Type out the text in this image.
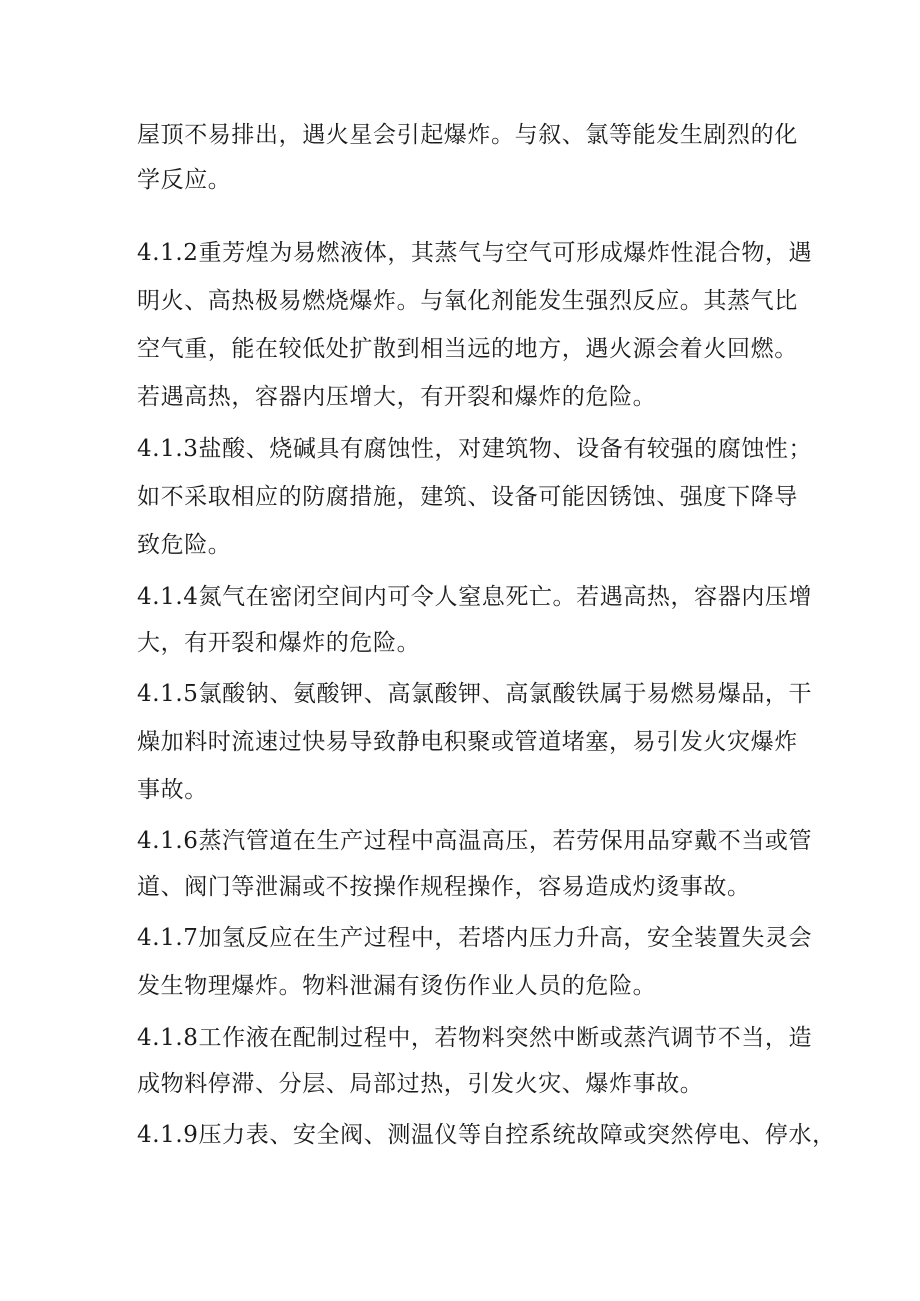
屋顶不易排出，遇火星会引起爆炸。与叙、氯等能发生剧烈的化
学反应。
4.1.2重芳煌为易燃液体，其蒸气与空气可形成爆炸性混合物，遇
明火、高热极易燃烧爆炸。与氧化剂能发生强烈反应。其蒸气比
空气重，能在较低处扩散到相当远的地方，遇火源会着火回燃。
若遇高热，容器内压增大，有开裂和爆炸的危险。
4.1.3盐酸、烧碱具有腐蚀性，对建筑物、设备有较强的腐蚀性；
如不采取相应的防腐措施，建筑、设备可能因锈蚀、强度下降导
致危险。
4.1.4氮气在密闭空间内可令人窒息死亡。若遇高热，容器内压增
大，有开裂和爆炸的危险。
4.1.5氯酸钠、氨酸钾、高氯酸钾、高氯酸铁属于易燃易爆品，干
燥加料时流速过快易导致静电积聚或管道堵塞，易引发火灾爆炸
事故。
4.1.6蒸汽管道在生产过程中高温高压，若劳保用品穿戴不当或管
道、阀门等泄漏或不按操作规程操作，容易造成灼烫事故。
4.1.7加氢反应在生产过程中，若塔内压力升高，安全装置失灵会
发生物理爆炸。物料泄漏有烫伤作业人员的危险。
4.1.8工作液在配制过程中，若物料突然中断或蒸汽调节不当，造
成物料停滞、分层、局部过热，引发火灾、爆炸事故。
4.1.9压力表、安全阀、测温仪等自控系统故障或突然停电、停水，
